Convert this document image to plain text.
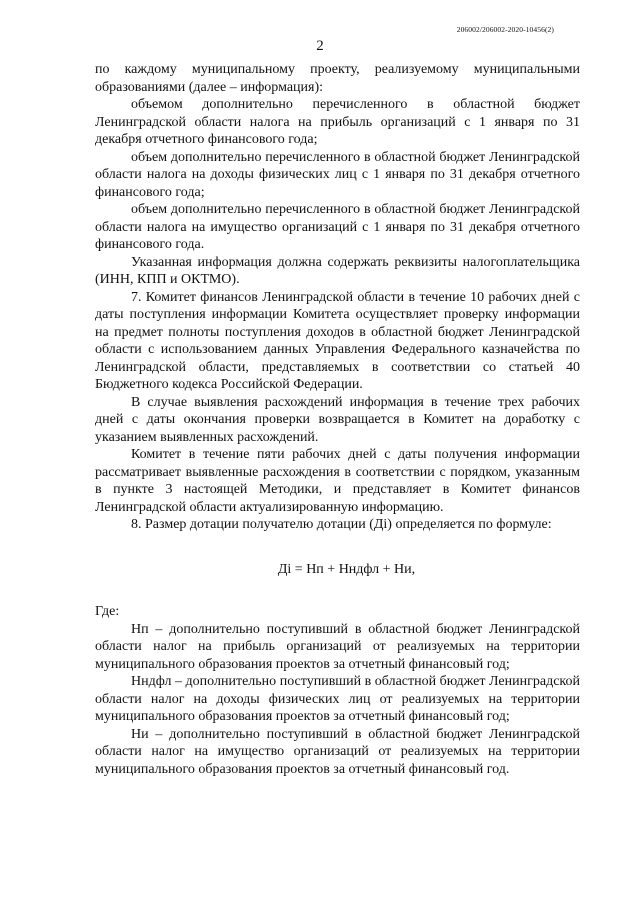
206002/206002-2020-10456(2)
2

по каждому муниципальному проекту, реализуемому муниципальными образованиями (далее – информация):

объемом дополнительно перечисленного в областной бюджет Ленинградской области налога на прибыль организаций с 1 января по 31 декабря отчетного финансового года;

объем дополнительно перечисленного в областной бюджет Ленинградской области налога на доходы физических лиц с 1 января по 31 декабря отчетного финансового года;

объем дополнительно перечисленного в областной бюджет Ленинградской области налога на имущество организаций с 1 января по 31 декабря отчетного финансового года.

Указанная информация должна содержать реквизиты налогоплательщика (ИНН, КПП и ОКТМО).

7. Комитет финансов Ленинградской области в течение 10 рабочих дней с даты поступления информации Комитета осуществляет проверку информации на предмет полноты поступления доходов в областной бюджет Ленинградской области с использованием данных Управления Федерального казначейства по Ленинградской области, представляемых в соответствии со статьей 40 Бюджетного кодекса Российской Федерации.

В случае выявления расхождений информация в течение трех рабочих дней с даты окончания проверки возвращается в Комитет на доработку с указанием выявленных расхождений.

Комитет в течение пяти рабочих дней с даты получения информации рассматривает выявленные расхождения в соответствии с порядком, указанным в пункте 3 настоящей Методики, и представляет в Комитет финансов Ленинградской области актуализированную информацию.

8. Размер дотации получателю дотации (Дi) определяется по формуле:

Дi = Нп + Нндфл + Ни,

Где:

Нп – дополнительно поступивший в областной бюджет Ленинградской области налог на прибыль организаций от реализуемых на территории муниципального образования проектов за отчетный финансовый год;

Нндфл – дополнительно поступивший в областной бюджет Ленинградской области налог на доходы физических лиц от реализуемых на территории муниципального образования проектов за отчетный финансовый год;

Ни – дополнительно поступивший в областной бюджет Ленинградской области налог на имущество организаций от реализуемых на территории муниципального образования проектов за отчетный финансовый год.
